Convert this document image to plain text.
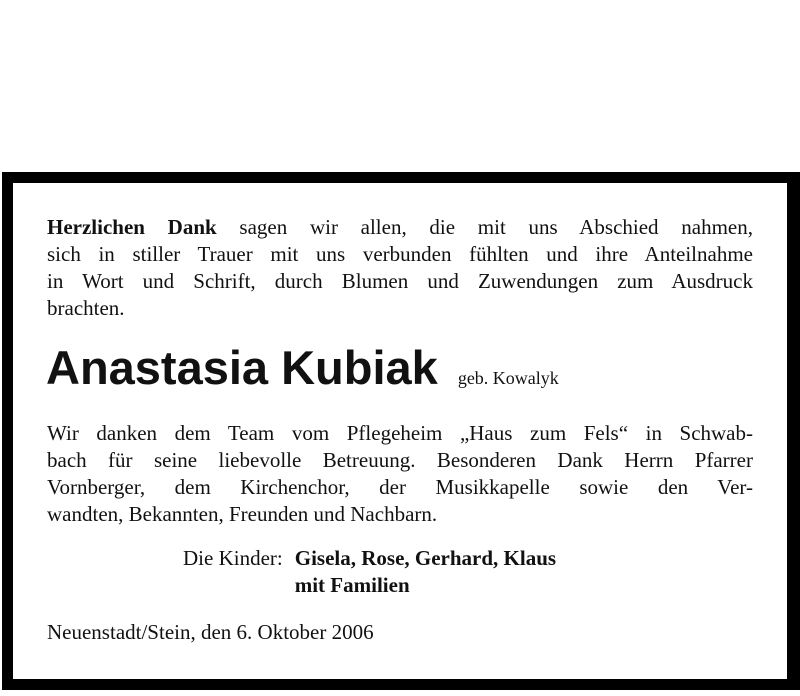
Herzlichen Dank sagen wir allen, die mit uns Abschied nahmen,
sich in stiller Trauer mit uns verbunden fühlten und ihre Anteilnahme
in Wort und Schrift, durch Blumen und Zuwendungen zum Ausdruck
brachten.
Anastasia Kubiak geb. Kowalyk
Wir danken dem Team vom Pflegeheim „Haus zum Fels“ in Schwab-
bach für seine liebevolle Betreuung. Besonderen Dank Herrn Pfarrer
Vornberger, dem Kirchenchor, der Musikkapelle sowie den Ver-
wandten, Bekannten, Freunden und Nachbarn.
Die Kinder: Gisela, Rose, Gerhard, Klaus
mit Familien
Neuenstadt/Stein, den 6. Oktober 2006
